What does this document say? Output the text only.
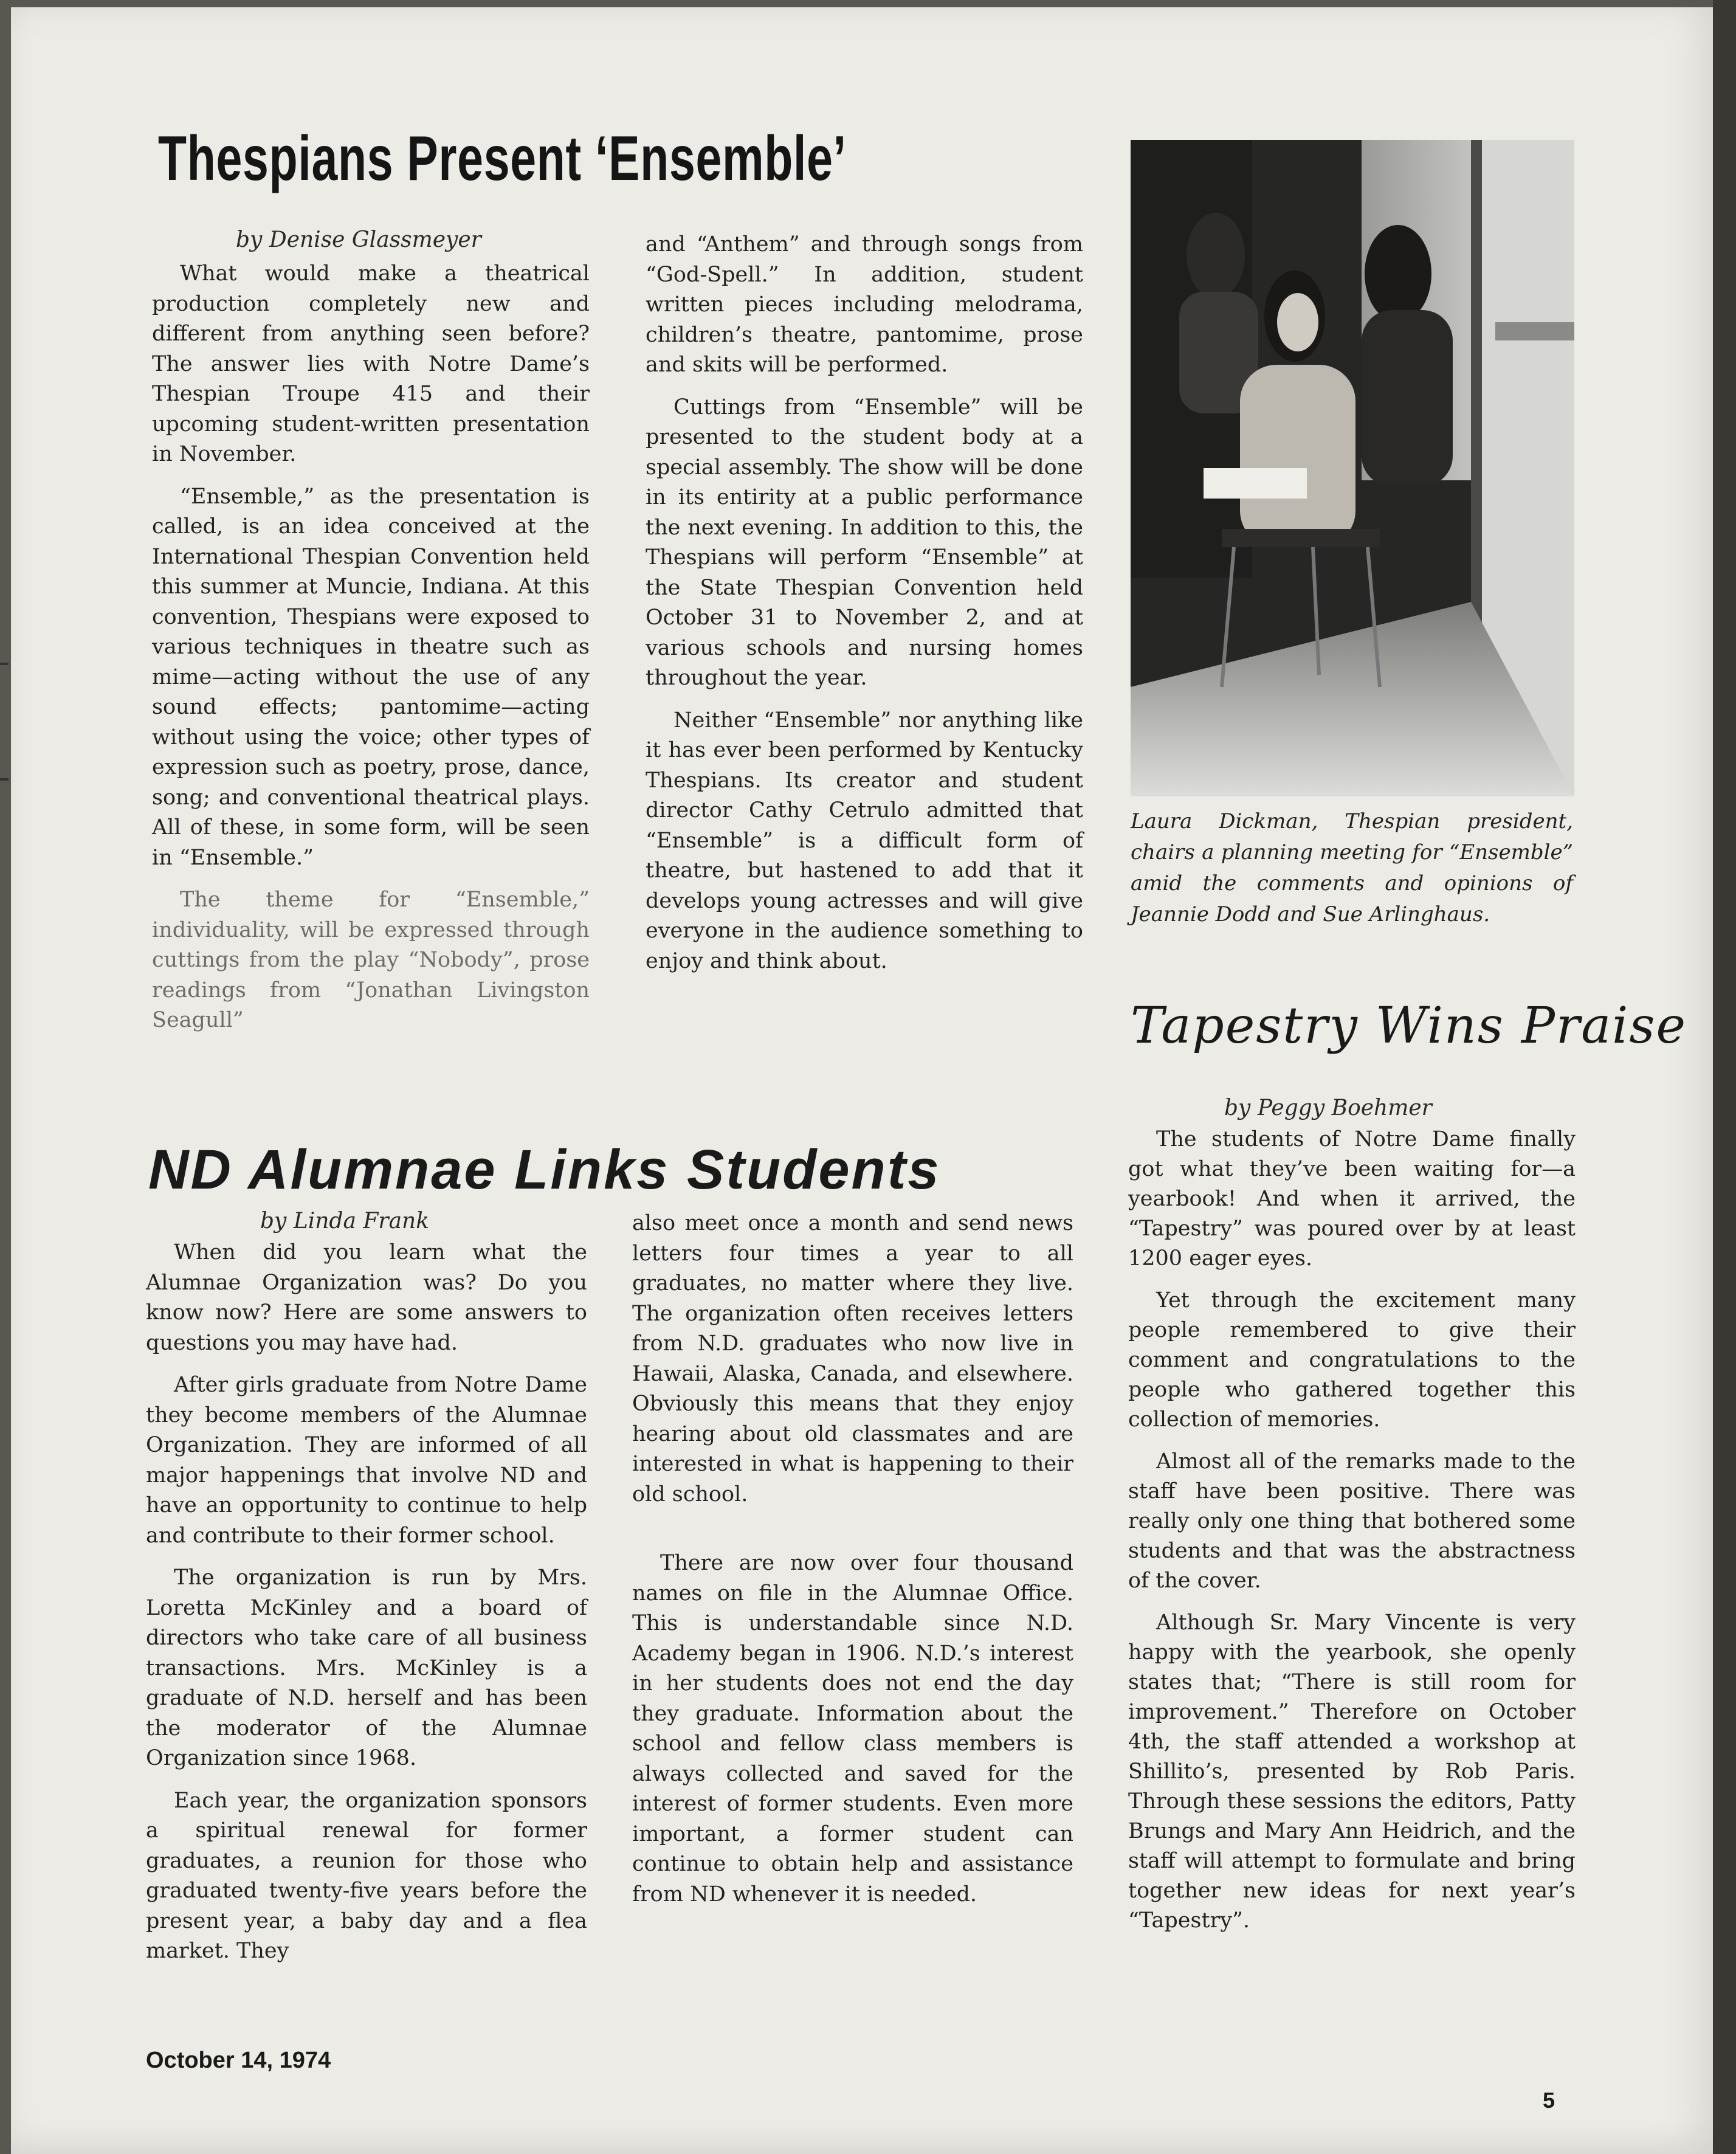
Thespians Present ‘Ensemble’
by Denise Glassmeyer

What would make a theatrical production completely new and different from anything seen before? The answer lies with Notre Dame’s Thespian Troupe 415 and their upcoming student-written presentation in November.

“Ensemble,” as the presentation is called, is an idea conceived at the International Thespian Convention held this summer at Muncie, Indiana. At this convention, Thespians were exposed to various techniques in theatre such as mime—acting without the use of any sound effects; pantomime—acting without using the voice; other types of expression such as poetry, prose, dance, song; and conventional theatrical plays. All of these, in some form, will be seen in “Ensemble.”

The theme for “Ensemble,” individuality, will be expressed through cuttings from the play “Nobody”, prose readings from “Jonathan Livingston Seagull”

and “Anthem” and through songs from “God-Spell.” In addition, student written pieces including melodrama, children’s theatre, pantomime, prose and skits will be performed.

Cuttings from “Ensemble” will be presented to the student body at a special assembly. The show will be done in its entirity at a public performance the next evening. In addition to this, the Thespians will perform “Ensemble” at the State Thespian Convention held October 31 to November 2, and at various schools and nursing homes throughout the year.

Neither “Ensemble” nor anything like it has ever been performed by Kentucky Thespians. Its creator and student director Cathy Cetrulo admitted that “Ensemble” is a difficult form of theatre, but hastened to add that it develops young actresses and will give everyone in the audience something to enjoy and think about.

Laura Dickman, Thespian president, chairs a planning meeting for “Ensemble” amid the comments and opinions of Jeannie Dodd and Sue Arlinghaus.
Tapestry Wins Praise
by Peggy Boehmer

The students of Notre Dame finally got what they’ve been waiting for—a yearbook! And when it arrived, the “Tapestry” was poured over by at least 1200 eager eyes.

Yet through the excitement many people remembered to give their comment and congratulations to the people who gathered together this collection of memories.

Almost all of the remarks made to the staff have been positive. There was really only one thing that bothered some students and that was the abstractness of the cover.

Although Sr. Mary Vincente is very happy with the yearbook, she openly states that; “There is still room for improvement.” Therefore on October 4th, the staff attended a workshop at Shillito’s, presented by Rob Paris. Through these sessions the editors, Patty Brungs and Mary Ann Heidrich, and the staff will attempt to formulate and bring together new ideas for next year’s “Tapestry”.

ND Alumnae Links Students
by Linda Frank

When did you learn what the Alumnae Organization was? Do you know now? Here are some answers to questions you may have had.

After girls graduate from Notre Dame they become members of the Alumnae Organization. They are informed of all major happenings that involve ND and have an opportunity to continue to help and contribute to their former school.

The organization is run by Mrs. Loretta McKinley and a board of directors who take care of all business transactions. Mrs. McKinley is a graduate of N.D. herself and has been the moderator of the Alumnae Organization since 1968.

Each year, the organization sponsors a spiritual renewal for former graduates, a reunion for those who graduated twenty-five years before the present year, a baby day and a flea market. They

also meet once a month and send news letters four times a year to all graduates, no matter where they live. The organization often receives letters from N.D. graduates who now live in Hawaii, Alaska, Canada, and elsewhere. Obviously this means that they enjoy hearing about old classmates and are interested in what is happening to their old school.

There are now over four thousand names on file in the Alumnae Office. This is understandable since N.D. Academy began in 1906. N.D.’s interest in her students does not end the day they graduate. Information about the school and fellow class members is always collected and saved for the interest of former students. Even more important, a former student can continue to obtain help and assistance from ND whenever it is needed.

October 14, 1974
5
